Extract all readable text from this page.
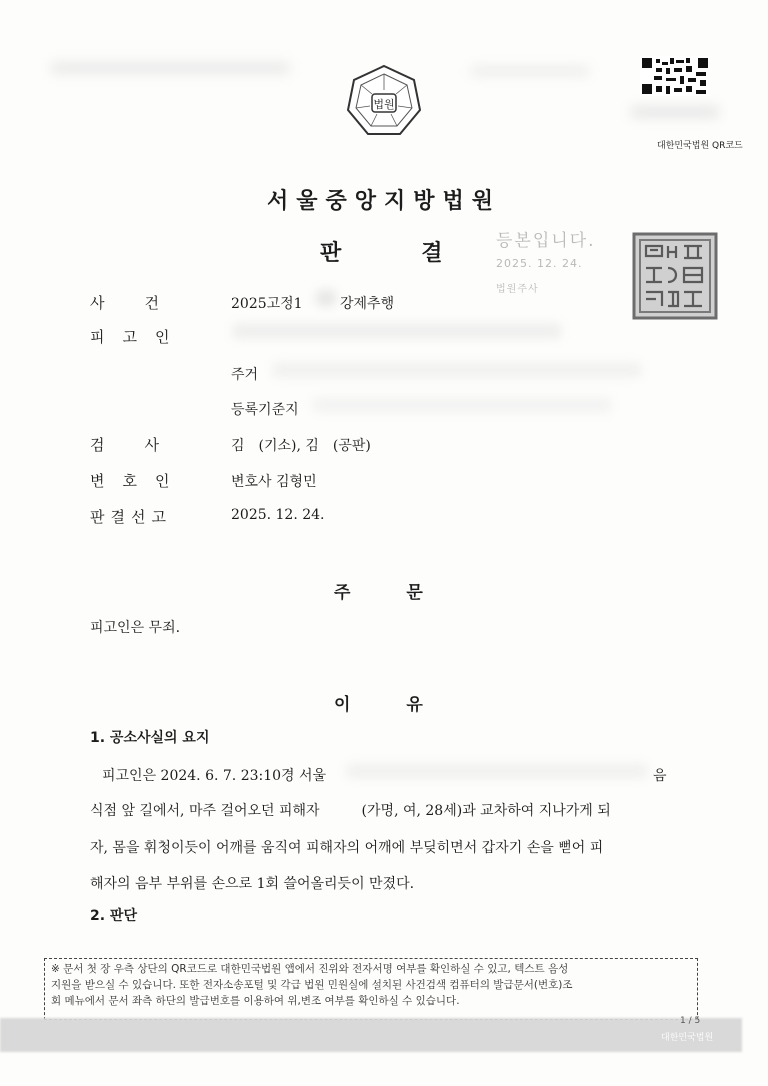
법원
대한민국법원 QR코드
서울중앙지방법원
판결
등본입니다.
2025. 12. 24.
법원주사
사건 2025고정1	강제추행
피고인
주거
등록기준지
검사 김　(기소), 김　(공판)
변호인	변호사 김형민
판결선고	2025. 12. 24.
주문
피고인은 무죄.
이유
1. 공소사실의 요지
피고인은 2024. 6. 7. 23:10경 서울	음
식점 앞 길에서, 마주 걸어오던 피해자　　　(가명, 여, 28세)과 교차하여 지나가게 되
자, 몸을 휘청이듯이 어깨를 움직여 피해자의 어깨에 부딪히면서 갑자기 손을 뻗어 피
해자의 음부 부위를 손으로 1회 쓸어올리듯이 만졌다.
2. 판단
※ 문서 첫 장 우측 상단의 QR코드로 대한민국법원 앱에서 진위와 전자서명 여부를 확인하실 수 있고, 텍스트 음성
지원을 받으실 수 있습니다. 또한 전자소송포털 및 각급 법원 민원실에 설치된 사건검색 컴퓨터의 발급문서(번호)조
회 메뉴에서 문서 좌측 하단의 발급번호를 이용하여 위,변조 여부를 확인하실 수 있습니다.
1 / 5
대한민국법원
